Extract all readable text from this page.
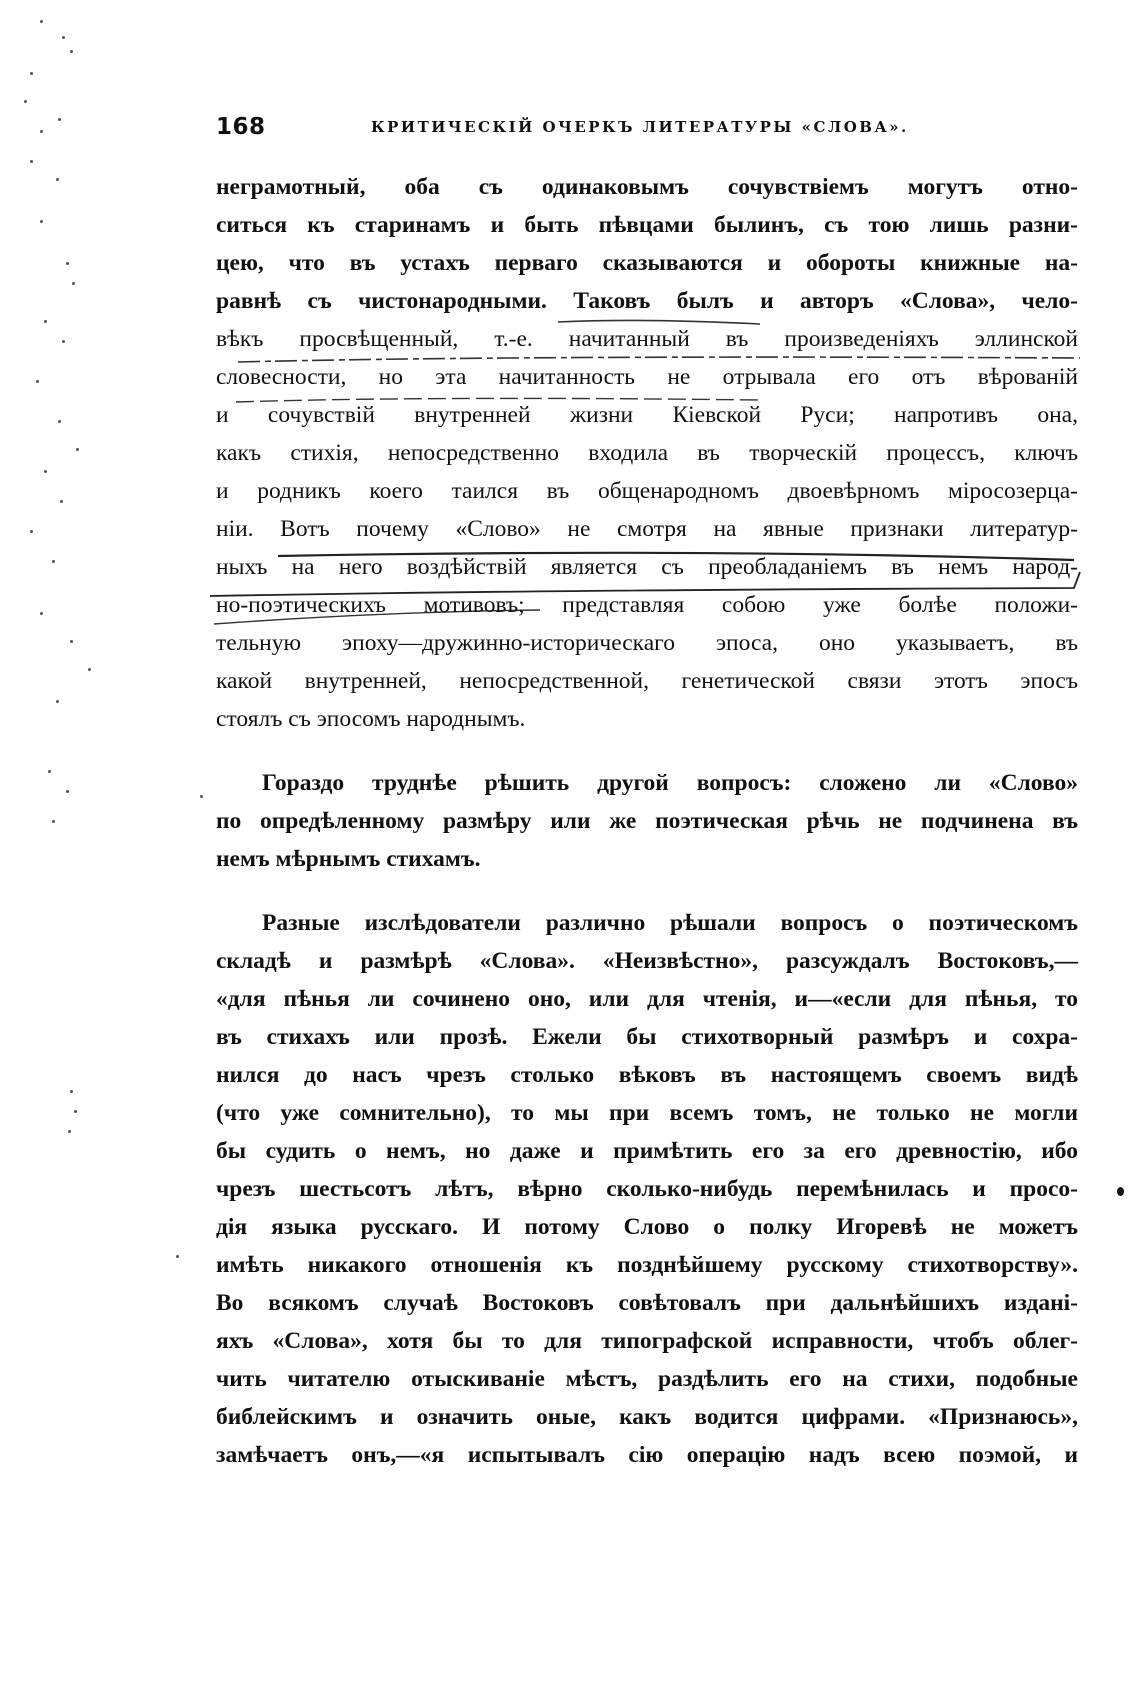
168	КРИТИЧЕСКІЙ ОЧЕРКЪ ЛИТЕРАТУРЫ «СЛОВА».
неграмотный, оба съ одинаковымъ сочувствіемъ могутъ отно-
ситься къ старинамъ и быть пѣвцами былинъ, съ тою лишь разни-
цею, что въ устахъ перваго сказываются и обороты книжные на-
равнѣ съ чистонародными. Таковъ былъ и авторъ «Слова», чело-
вѣкъ просвѣщенный, т.-е. начитанный въ произведеніяхъ эллинской
словесности, но эта начитанность не отрывала его отъ вѣрованій
и сочувствій внутренней жизни Кіевской Руси; напротивъ она,
какъ стихія, непосредственно входила въ творческій процессъ, ключъ
и родникъ коего таился въ общенародномъ двоевѣрномъ міросозерца-
ніи. Вотъ почему «Слово» не смотря на явные признаки литератур-
ныхъ на него воздѣйствій является съ преобладаніемъ въ немъ народ-
но-поэтическихъ мотивовъ; представляя собою уже болѣе положи-
тельную эпоху—дружинно-историческаго эпоса, оно указываетъ, въ
какой внутренней, непосредственной, генетической связи этотъ эпосъ
стоялъ съ эпосомъ народнымъ.
Гораздо труднѣе рѣшить другой вопросъ: сложено ли «Слово»
по опредѣленному размѣру или же поэтическая рѣчь не подчинена въ
немъ мѣрнымъ стихамъ.
Разные изслѣдователи различно рѣшали вопросъ о поэтическомъ
складѣ и размѣрѣ «Слова». «Неизвѣстно», разсуждалъ Востоковъ,—
«для пѣнья ли сочинено оно, или для чтенія, и—«если для пѣнья, то
въ стихахъ или прозѣ. Ежели бы стихотворный размѣръ и сохра-
нился до насъ чрезъ столько вѣковъ въ настоящемъ своемъ видѣ
(что уже сомнительно), то мы при всемъ томъ, не только не могли
бы судить о немъ, но даже и примѣтить его за его древностію, ибо
чрезъ шестьсотъ лѣтъ, вѣрно сколько-нибудь перемѣнилась и просо-
дія языка русскаго. И потому Слово о полку Игоревѣ не можетъ
имѣть никакого отношенія къ позднѣйшему русскому стихотворству».
Во всякомъ случаѣ Востоковъ совѣтовалъ при дальнѣйшихъ издані-
яхъ «Слова», хотя бы то для типографской исправности, чтобъ облег-
чить читателю отыскиваніе мѣстъ, раздѣлить его на стихи, подобные
библейскимъ и означить оные, какъ водится цифрами. «Признаюсь»,
замѣчаетъ онъ,—«я испытывалъ сію операцію надъ всею поэмой, и
